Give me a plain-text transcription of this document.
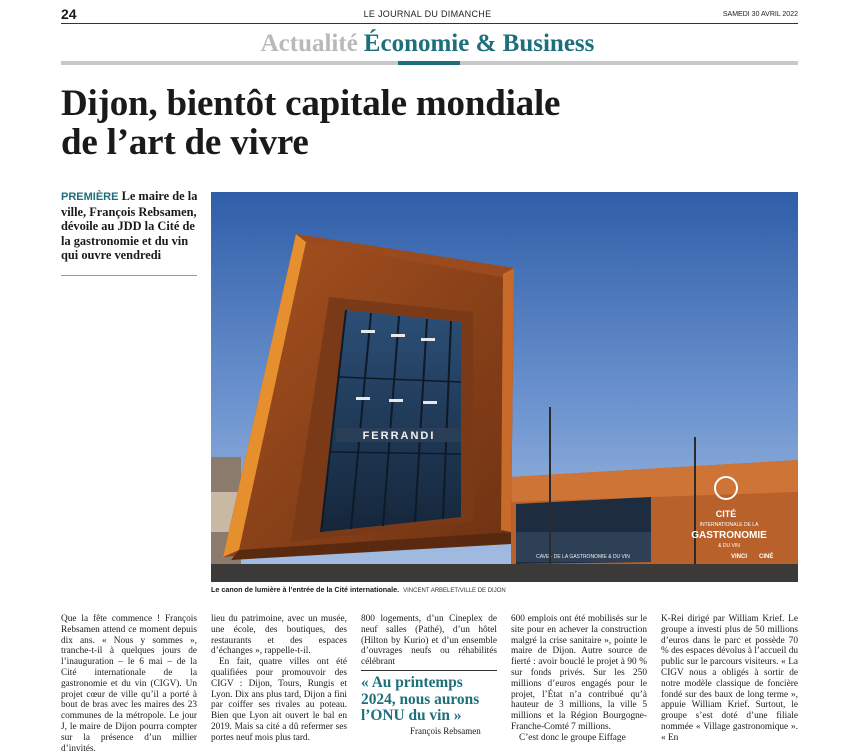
24	LE JOURNAL DU DIMANCHE	SAMEDI 30 AVRIL 2022
Actualité Économie & Business
Dijon, bientôt capitale mondiale
de l’art de vivre
PREMIÈRE Le maire de la ville, François Rebsamen, dévoile au JDD la Cité de la gastronomie et du vin qui ouvre vendredi
FERRANDI
CITÉ
INTERNATIONALE DE LA
GASTRONOMIE
& DU VIN
CAVE · DE LA GASTRONOMIE & DU VIN	VINCI CINÉ
Le canon de lumière à l’entrée de la Cité internationale. VINCENT ARBELET/VILLE DE DIJON

Que la fête commence ! François Rebsamen attend ce moment depuis dix ans. « Nous y sommes », tranche-t-il à quelques jours de l’inauguration – le 6 mai – de la Cité internationale de la gastronomie et du vin (CIGV). Un projet cœur de ville qu’il a porté à bout de bras avec les maires des 23 communes de la métropole. Le jour J, le maire de Dijon pourra compter sur la présence d’un millier d’invités.

lieu du patrimoine, avec un musée, une école, des boutiques, des restaurants et des espaces d’échanges », rappelle-t-il.

En fait, quatre villes ont été qualifiées pour promouvoir des CIGV : Dijon, Tours, Rungis et Lyon. Dix ans plus tard, Dijon a fini par coiffer ses rivales au poteau. Bien que Lyon ait ouvert le bal en 2019. Mais sa cité a dû refermer ses portes neuf mois plus tard.

800 logements, d’un Cineplex de neuf salles (Pathé), d’un hôtel (Hilton by Kurio) et d’un ensemble d’ouvrages neufs ou réhabilités célébrant

« Au printemps 2024, nous aurons l’ONU du vin »
François Rebsamen

600 emplois ont été mobilisés sur le site pour en achever la construction malgré la crise sanitaire », pointe le maire de Dijon. Autre source de fierté : avoir bouclé le projet à 90 % sur fonds privés. Sur les 250 millions d’euros engagés pour le projet, l’État n’a contribué qu’à hauteur de 3 millions, la ville 5 millions et la Région Bourgogne-Franche-Comté 7 millions.

C’est donc le groupe Eiffage

K-Rei dirigé par William Krief. Le groupe a investi plus de 50 millions d’euros dans le parc et possède 70 % des espaces dévolus à l’accueil du public sur le parcours visiteurs. « La CIGV nous a obligés à sortir de notre modèle classique de foncière fondé sur des baux de long terme », appuie William Krief. Surtout, le groupe s’est doté d’une filiale nommée « Village gastronomique ». « En
